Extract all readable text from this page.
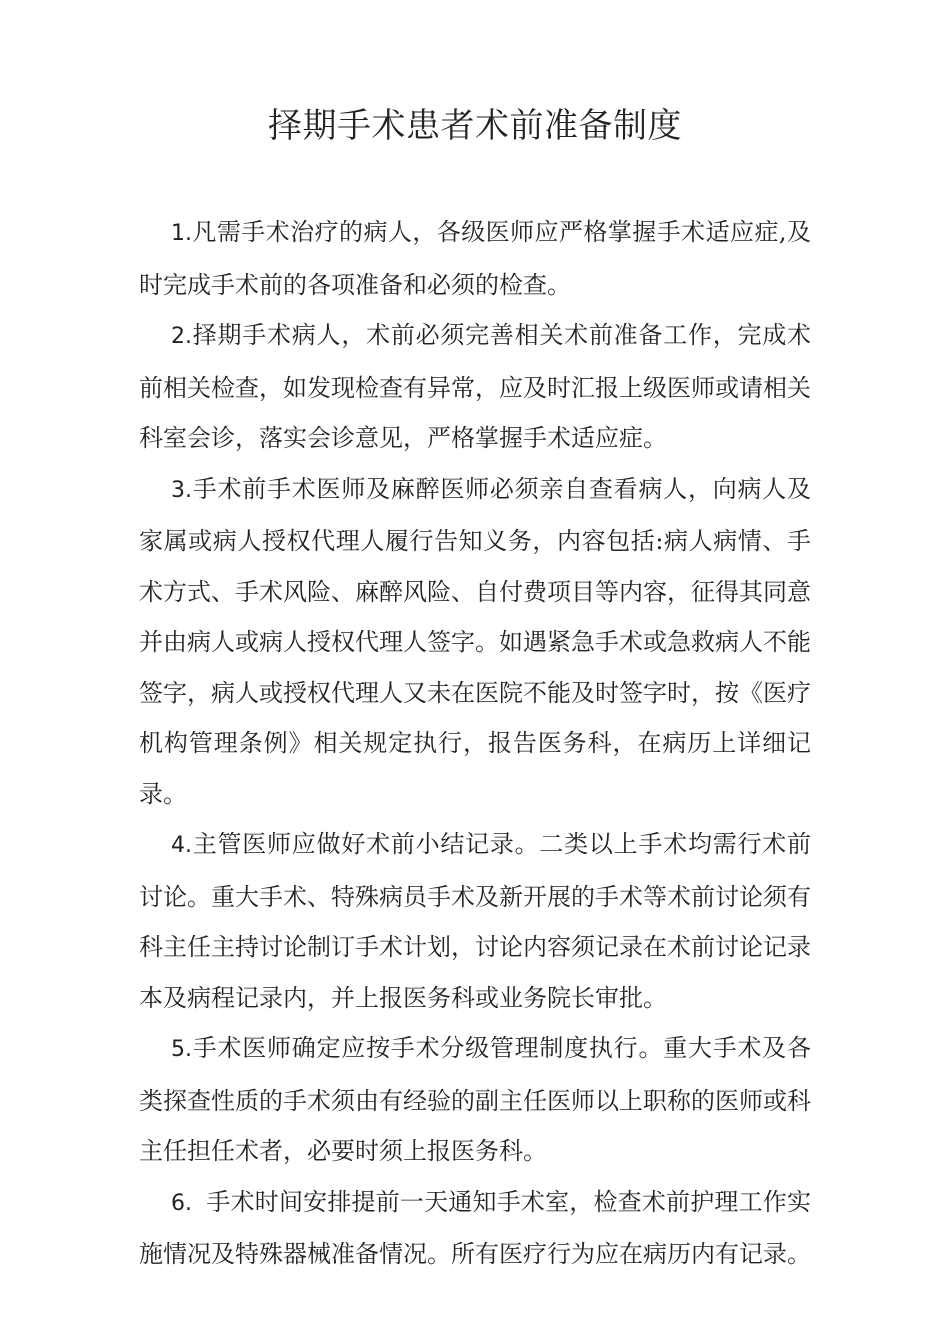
择期手术患者术前准备制度

1.凡需手术治疗的病人，各级医师应严格掌握手术适应症,及时完成手术前的各项准备和必须的检查。

2.择期手术病人，术前必须完善相关术前准备工作，完成术前相关检查，如发现检查有异常，应及时汇报上级医师或请相关科室会诊，落实会诊意见，严格掌握手术适应症。

3.手术前手术医师及麻醉医师必须亲自查看病人，向病人及家属或病人授权代理人履行告知义务，内容包括:病人病情、手术方式、手术风险、麻醉风险、自付费项目等内容，征得其同意并由病人或病人授权代理人签字。如遇紧急手术或急救病人不能签字，病人或授权代理人又未在医院不能及时签字时，按《医疗机构管理条例》相关规定执行，报告医务科，在病历上详细记录。

4.主管医师应做好术前小结记录。二类以上手术均需行术前讨论。重大手术、特殊病员手术及新开展的手术等术前讨论须有科主任主持讨论制订手术计划，讨论内容须记录在术前讨论记录本及病程记录内，并上报医务科或业务院长审批。

5.手术医师确定应按手术分级管理制度执行。重大手术及各类探查性质的手术须由有经验的副主任医师以上职称的医师或科主任担任术者，必要时须上报医务科。

6.  手术时间安排提前一天通知手术室，检查术前护理工作实施情况及特殊器械准备情况。所有医疗行为应在病历内有记录。
